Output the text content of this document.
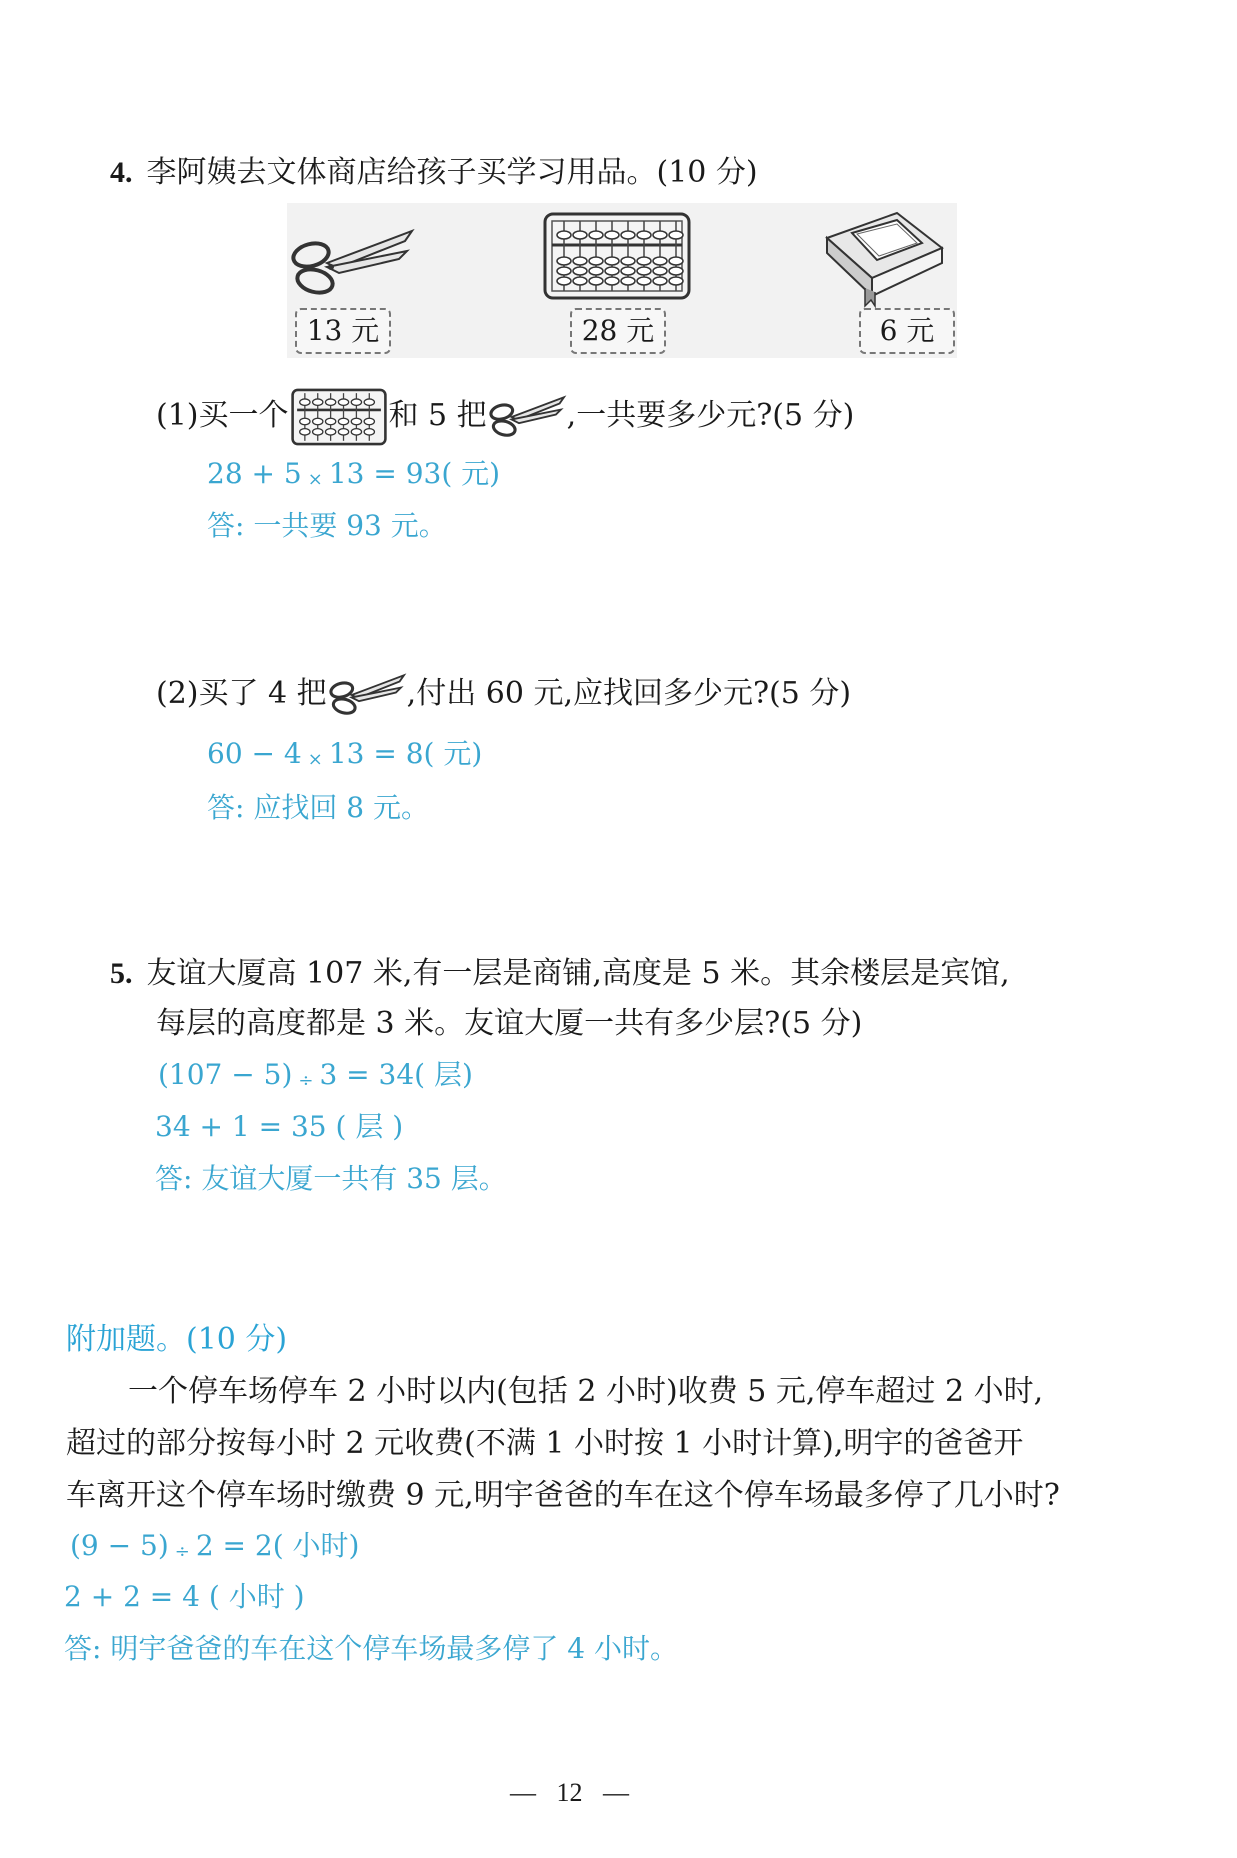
4. 李阿姨去文体商店给孩子买学习用品。(10 分)
13 元	28 元	6 元
(1)买一个	和 5 把	,一共要多少元?(5 分)
28 + 5 × 13 = 93( 元)
答: 一共要 93 元。
(2)买了 4 把	,付出 60 元,应找回多少元?(5 分)
60 − 4 × 13 = 8( 元)
答: 应找回 8 元。
5. 友谊大厦高 107 米,有一层是商铺,高度是 5 米。其余楼层是宾馆,
每层的高度都是 3 米。友谊大厦一共有多少层?(5 分)
(107 − 5) ÷ 3 = 34( 层)
34 + 1 = 35 ( 层 )
答: 友谊大厦一共有 35 层。
附加题。(10 分)
一个停车场停车 2 小时以内(包括 2 小时)收费 5 元,停车超过 2 小时,
超过的部分按每小时 2 元收费(不满 1 小时按 1 小时计算),明宇的爸爸开
车离开这个停车场时缴费 9 元,明宇爸爸的车在这个停车场最多停了几小时?
(9 − 5) ÷ 2 = 2( 小时)
2 + 2 = 4 ( 小时 )
答: 明宇爸爸的车在这个停车场最多停了 4 小时。
— 12 —
